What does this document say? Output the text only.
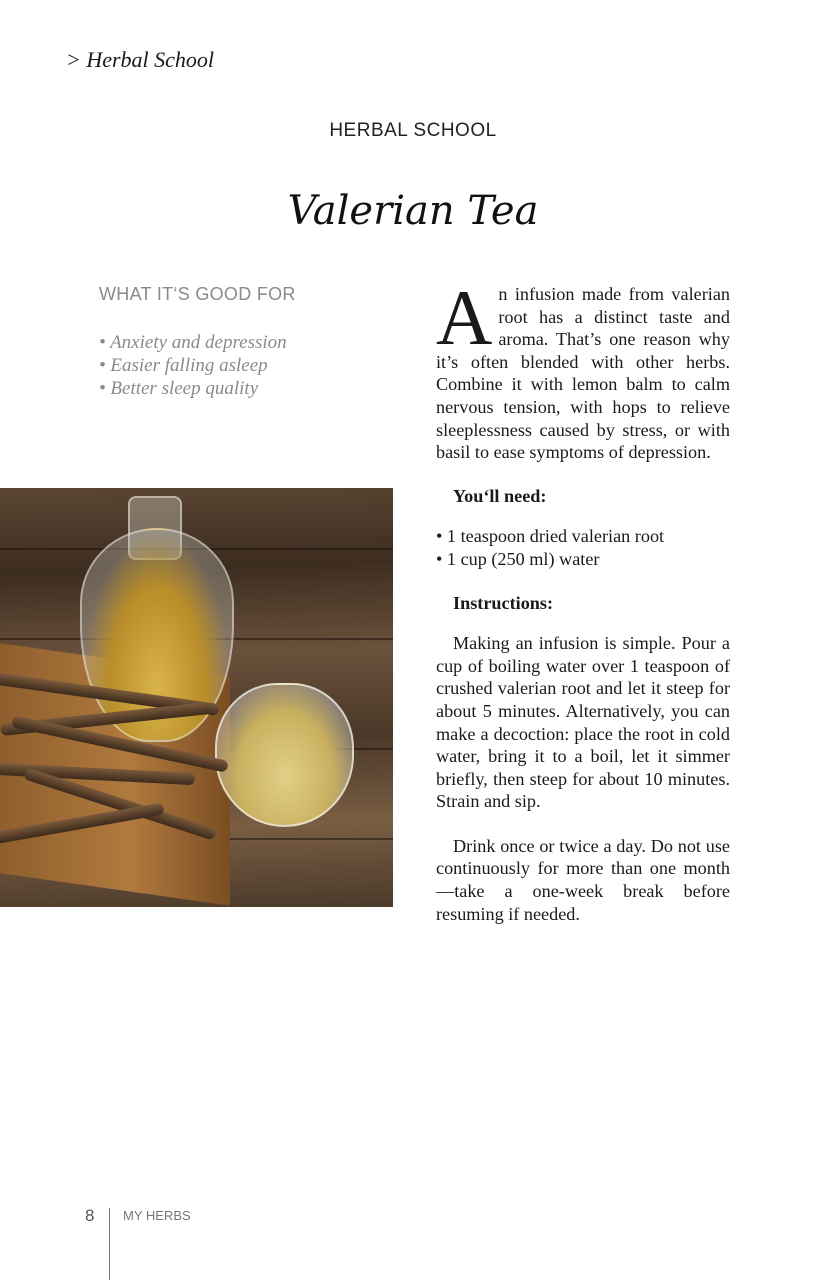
> Herbal School
HERBAL SCHOOL
Valerian Tea
WHAT IT‘S GOOD FOR
• Anxiety and depression
• Easier falling asleep
• Better sleep quality

An infusion made from valerian root has a distinct taste and aroma. That’s one reason why it’s often blended with other herbs. Combine it with lemon balm to calm nervous tension, with hops to relieve sleeplessness caused by stress, or with basil to ease symptoms of depression.

You‘ll need:

• 1 teaspoon dried valerian root
• 1 cup (250 ml) water

Instructions:

Making an infusion is simple. Pour a cup of boiling water over 1 teaspoon of crushed valerian root and let it steep for about 5 minutes. Alternatively, you can make a decoction: place the root in cold water, bring it to a boil, let it simmer briefly, then steep for about 10 minutes. Strain and sip.

Drink once or twice a day. Do not use continuously for more than one month—take a one-week break before resuming if needed.

8 MY HERBS
